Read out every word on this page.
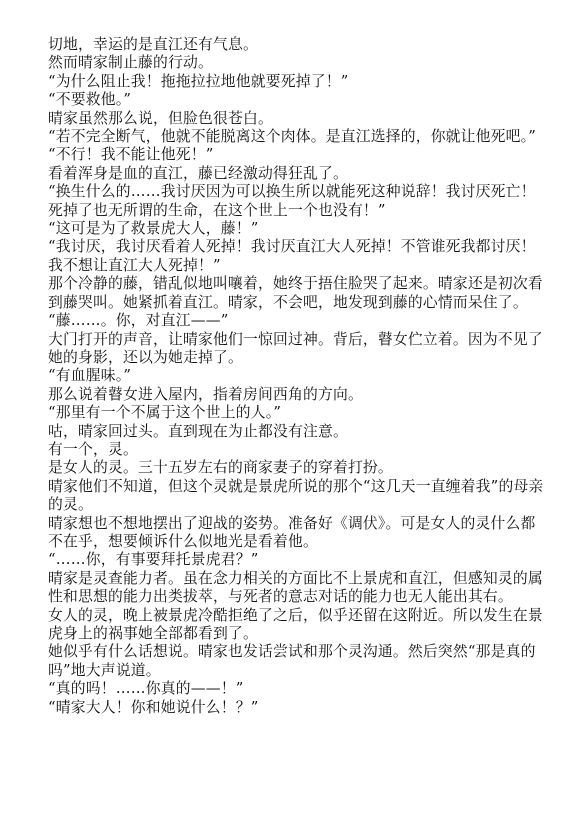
切地，幸运的是直江还有气息。

然而晴家制止藤的行动。

“为什么阻止我！拖拖拉拉地他就要死掉了！”

“不要救他。”

晴家虽然那么说，但脸色很苍白。

“若不完全断气，他就不能脱离这个肉体。是直江选择的，你就让他死吧。”

“不行！我不能让他死！”

看着浑身是血的直江，藤已经激动得狂乱了。

“换生什么的……我讨厌因为可以换生所以就能死这种说辞！我讨厌死亡！死掉了也无所谓的生命，在这个世上一个也没有！”

“这可是为了救景虎大人，藤！”

“我讨厌，我讨厌看着人死掉！我讨厌直江大人死掉！不管谁死我都讨厌！我不想让直江大人死掉！”

那个冷静的藤，错乱似地叫嚷着，她终于捂住脸哭了起来。晴家还是初次看到藤哭叫。她紧抓着直江。晴家，不会吧，地发现到藤的心情而呆住了。

“藤……。你，对直江——”

大门打开的声音，让晴家他们一惊回过神。背后，瞽女伫立着。因为不见了她的身影，还以为她走掉了。

“有血腥味。”

那么说着瞽女进入屋内，指着房间西角的方向。

“那里有一个不属于这个世上的人。”

咕，晴家回过头。直到现在为止都没有注意。

有一个，灵。

是女人的灵。三十五岁左右的商家妻子的穿着打扮。

晴家他们不知道，但这个灵就是景虎所说的那个“这几天一直缠着我”的母亲的灵。

晴家想也不想地摆出了迎战的姿势。准备好《调伏》。可是女人的灵什么都不在乎，想要倾诉什么似地光是看着他。

“……你，有事要拜托景虎君？”

晴家是灵查能力者。虽在念力相关的方面比不上景虎和直江，但感知灵的属性和思想的能力出类拔萃，与死者的意志对话的能力也无人能出其右。

女人的灵，晚上被景虎冷酷拒绝了之后，似乎还留在这附近。所以发生在景虎身上的祸事她全部都看到了。

她似乎有什么话想说。晴家也发话尝试和那个灵沟通。然后突然“那是真的吗”地大声说道。

“真的吗！……你真的——！”

“晴家大人！你和她说什么！？”
